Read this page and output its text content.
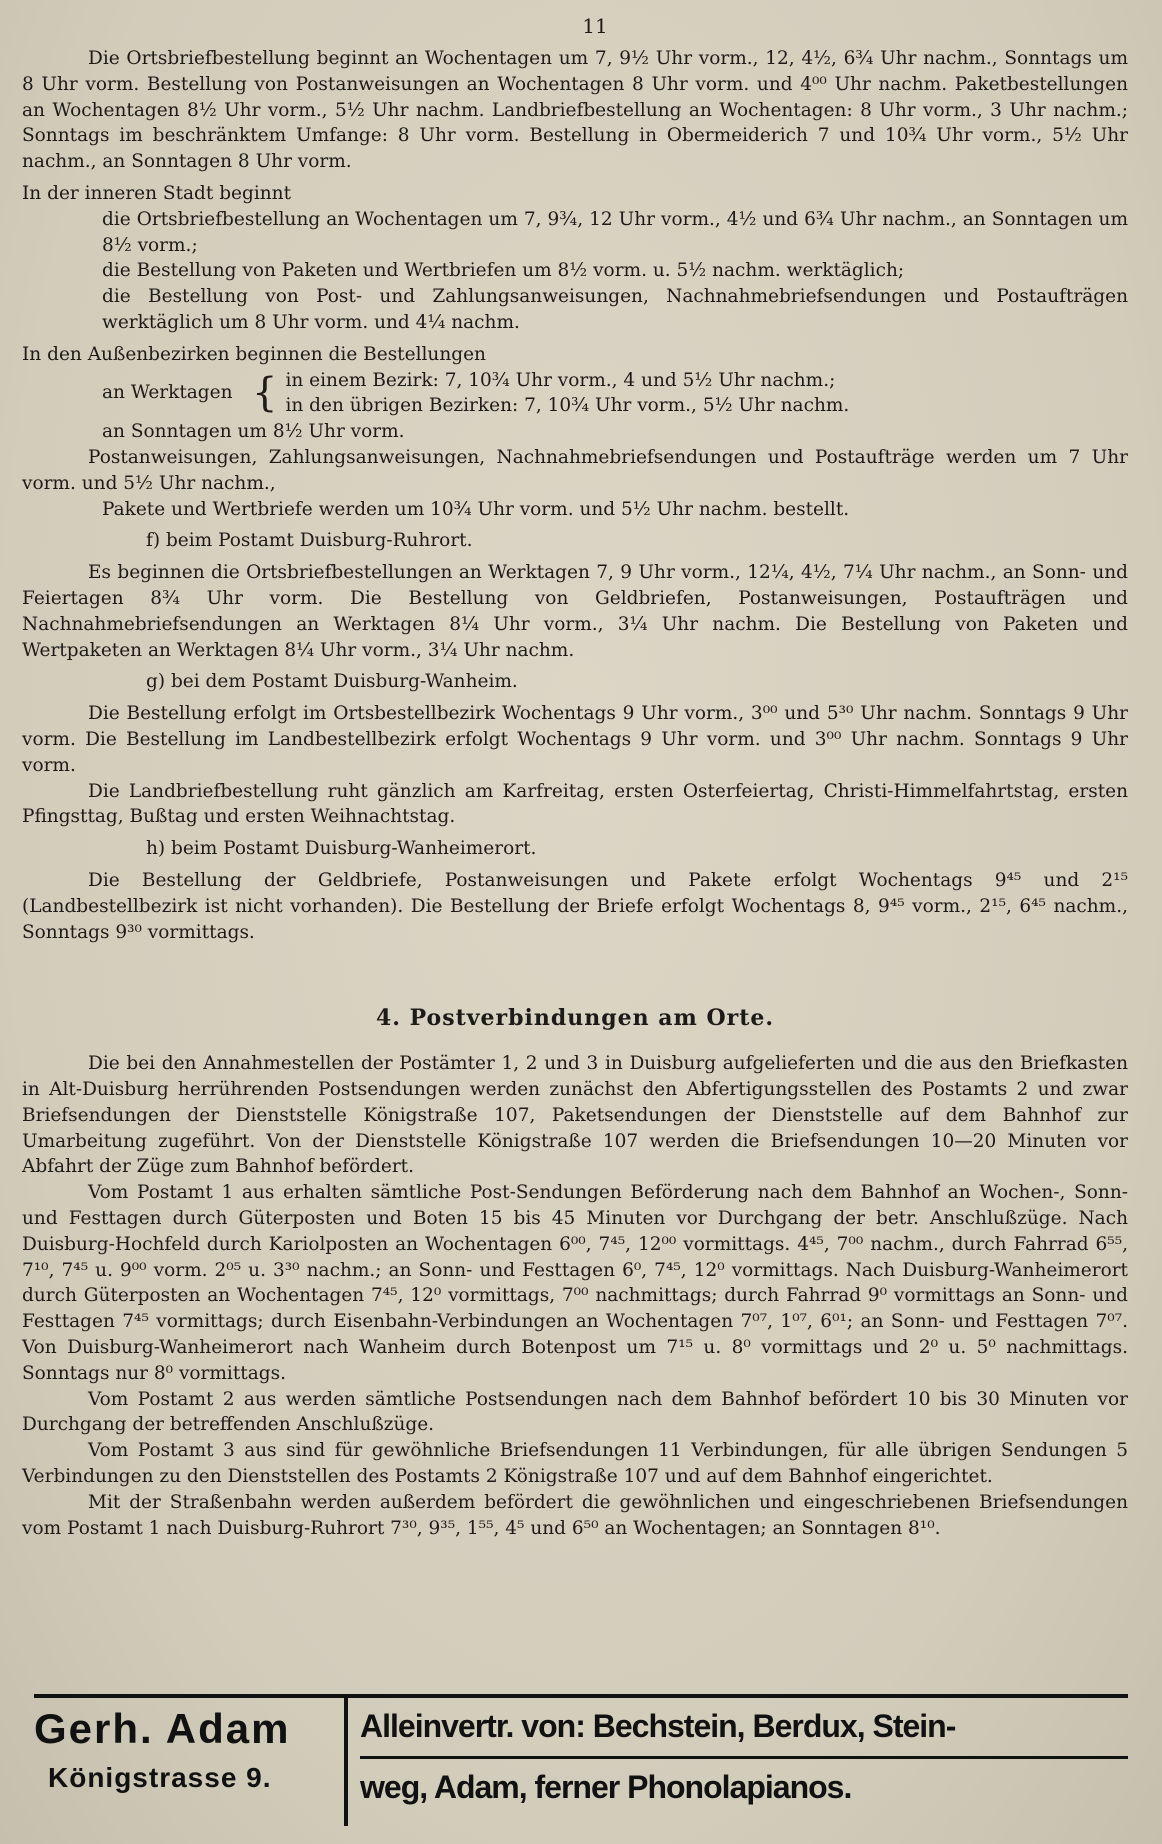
11

Die Ortsbriefbestellung beginnt an Wochentagen um 7, 9½ Uhr vorm., 12, 4½, 6¾ Uhr nachm., Sonntags um 8 Uhr vorm. Bestellung von Postanweisungen an Wochentagen 8 Uhr vorm. und 4⁰⁰ Uhr nachm. Paketbestellungen an Wochentagen 8½ Uhr vorm., 5½ Uhr nachm. Landbriefbestellung an Wochentagen: 8 Uhr vorm., 3 Uhr nachm.; Sonntags im beschränktem Umfange: 8 Uhr vorm. Bestellung in Obermeiderich 7 und 10¾ Uhr vorm., 5½ Uhr nachm., an Sonntagen 8 Uhr vorm.

In der inneren Stadt beginnt

die Ortsbriefbestellung an Wochentagen um 7, 9¾, 12 Uhr vorm., 4½ und 6¾ Uhr nachm., an Sonntagen um 8½ vorm.;

die Bestellung von Paketen und Wertbriefen um 8½ vorm. u. 5½ nachm. werktäglich;

die Bestellung von Post- und Zahlungsanweisungen, Nachnahmebriefsendungen und Postaufträgen werktäglich um 8 Uhr vorm. und 4¼ nachm.

In den Außenbezirken beginnen die Bestellungen

an Werktagen { in einem Bezirk: 7, 10¾ Uhr vorm., 4 und 5½ Uhr nachm.;

in den übrigen Bezirken: 7, 10¾ Uhr vorm., 5½ Uhr nachm.

an Sonntagen um 8½ Uhr vorm.

Postanweisungen, Zahlungsanweisungen, Nachnahmebriefsendungen und Postaufträge werden um 7 Uhr vorm. und 5½ Uhr nachm.,

Pakete und Wertbriefe werden um 10¾ Uhr vorm. und 5½ Uhr nachm. bestellt.

f) beim Postamt Duisburg-Ruhrort.

Es beginnen die Ortsbriefbestellungen an Werktagen 7, 9 Uhr vorm., 12¼, 4½, 7¼ Uhr nachm., an Sonn- und Feiertagen 8¾ Uhr vorm. Die Bestellung von Geldbriefen, Postanweisungen, Postaufträgen und Nachnahmebriefsendungen an Werktagen 8¼ Uhr vorm., 3¼ Uhr nachm. Die Bestellung von Paketen und Wertpaketen an Werktagen 8¼ Uhr vorm., 3¼ Uhr nachm.

g) bei dem Postamt Duisburg-Wanheim.

Die Bestellung erfolgt im Ortsbestellbezirk Wochentags 9 Uhr vorm., 3⁰⁰ und 5³⁰ Uhr nachm. Sonntags 9 Uhr vorm. Die Bestellung im Landbestellbezirk erfolgt Wochentags 9 Uhr vorm. und 3⁰⁰ Uhr nachm. Sonntags 9 Uhr vorm.

Die Landbriefbestellung ruht gänzlich am Karfreitag, ersten Osterfeiertag, Christi-Himmelfahrtstag, ersten Pfingsttag, Bußtag und ersten Weihnachtstag.

h) beim Postamt Duisburg-Wanheimerort.

Die Bestellung der Geldbriefe, Postanweisungen und Pakete erfolgt Wochentags 9⁴⁵ und 2¹⁵ (Landbestellbezirk ist nicht vorhanden). Die Bestellung der Briefe erfolgt Wochentags 8, 9⁴⁵ vorm., 2¹⁵, 6⁴⁵ nachm., Sonntags 9³⁰ vormittags.

4. Postverbindungen am Orte.

Die bei den Annahmestellen der Postämter 1, 2 und 3 in Duisburg aufgelieferten und die aus den Briefkasten in Alt-Duisburg herrührenden Postsendungen werden zunächst den Abfertigungsstellen des Postamts 2 und zwar Briefsendungen der Dienststelle Königstraße 107, Paketsendungen der Dienststelle auf dem Bahnhof zur Umarbeitung zugeführt. Von der Dienststelle Königstraße 107 werden die Briefsendungen 10—20 Minuten vor Abfahrt der Züge zum Bahnhof befördert.

Vom Postamt 1 aus erhalten sämtliche Post-Sendungen Beförderung nach dem Bahnhof an Wochen-, Sonn- und Festtagen durch Güterposten und Boten 15 bis 45 Minuten vor Durchgang der betr. Anschlußzüge. Nach Duisburg-Hochfeld durch Kariolposten an Wochentagen 6⁰⁰, 7⁴⁵, 12⁰⁰ vormittags. 4⁴⁵, 7⁰⁰ nachm., durch Fahrrad 6⁵⁵, 7¹⁰, 7⁴⁵ u. 9⁰⁰ vorm. 2⁰⁵ u. 3³⁰ nachm.; an Sonn- und Festtagen 6⁰, 7⁴⁵, 12⁰ vormittags. Nach Duisburg-Wanheimerort durch Güterposten an Wochentagen 7⁴⁵, 12⁰ vormittags, 7⁰⁰ nachmittags; durch Fahrrad 9⁰ vormittags an Sonn- und Festtagen 7⁴⁵ vormittags; durch Eisenbahn-Verbindungen an Wochentagen 7⁰⁷, 1⁰⁷, 6⁰¹; an Sonn- und Festtagen 7⁰⁷. Von Duisburg-Wanheimerort nach Wanheim durch Botenpost um 7¹⁵ u. 8⁰ vormittags und 2⁰ u. 5⁰ nachmittags. Sonntags nur 8⁰ vormittags.

Vom Postamt 2 aus werden sämtliche Postsendungen nach dem Bahnhof befördert 10 bis 30 Minuten vor Durchgang der betreffenden Anschlußzüge.

Vom Postamt 3 aus sind für gewöhnliche Briefsendungen 11 Verbindungen, für alle übrigen Sendungen 5 Verbindungen zu den Dienststellen des Postamts 2 Königstraße 107 und auf dem Bahnhof eingerichtet.

Mit der Straßenbahn werden außerdem befördert die gewöhnlichen und eingeschriebenen Briefsendungen vom Postamt 1 nach Duisburg-Ruhrort 7³⁰, 9³⁵, 1⁵⁵, 4⁵ und 6⁵⁰ an Wochentagen; an Sonntagen 8¹⁰.

Gerh. Adam
Königstrasse 9.
Alleinvertr. von: Bechstein, Berdux, Stein-
weg, Adam, ferner Phonolapianos.
